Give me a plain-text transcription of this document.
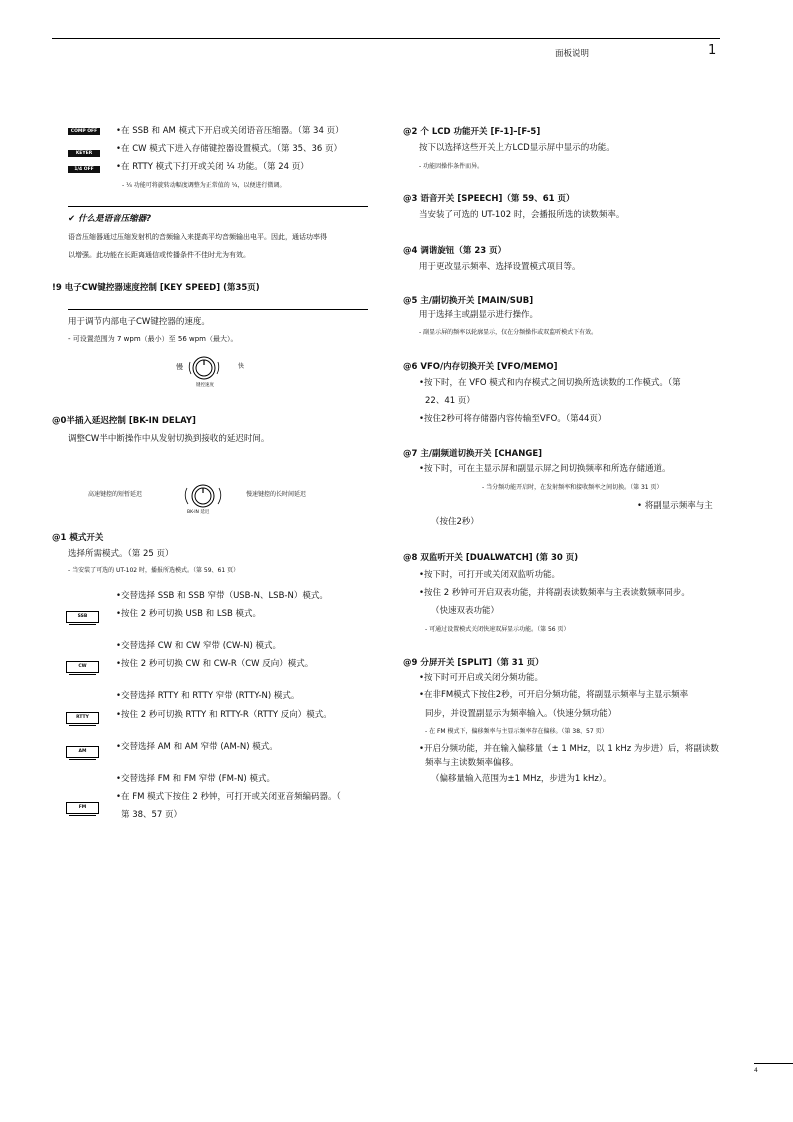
面板说明	1
COMP OFF
KEYER
1/4 OFF
•在 SSB 和 AM 模式下开启或关闭语音压缩器。（第 34 页）
•在 CW 模式下进入存储键控器设置模式。（第 35、36 页）
•在 RTTY 模式下打开或关闭 ¼ 功能。（第 24 页）
- ¼ 功能可将旋转动幅度调整为正常值的 ¼，以便进行微调。
✔ 什么是语音压缩器?
语音压缩器通过压缩发射机的音频输入来提高平均音频输出电平。因此，通话功率得
以增强。此功能在长距离通信或传播条件不佳时尤为有效。
!9 电子CW键控器速度控制 [KEY SPEED] (第35页)
用于调节内部电子CW键控器的速度。
- 可设置范围为 7 wpm（最小）至 56 wpm（最大）。
慢	快
键控速度
@0半插入延迟控制 [BK-IN DELAY]
调整CW半中断操作中从发射切换到接收的延迟时间。
高速键控的短暂延迟	慢速键控的长时间延迟
BK-IN 延迟
@1 模式开关
选择所需模式。（第 25 页）
- 当安装了可选的 UT-102 时，播报所选模式。（第 59、61 页）
SSB
•交替选择 SSB 和 SSB 窄带（USB-N、LSB-N）模式。
•按住 2 秒可切换 USB 和 LSB 模式。
CW
•交替选择 CW 和 CW 窄带 (CW-N) 模式。
•按住 2 秒可切换 CW 和 CW-R（CW 反向）模式。
RTTY
•交替选择 RTTY 和 RTTY 窄带 (RTTY-N) 模式。
•按住 2 秒可切换 RTTY 和 RTTY-R（RTTY 反向）模式。
AM	•交替选择 AM 和 AM 窄带 (AM-N) 模式。
FM
•交替选择 FM 和 FM 窄带 (FM-N) 模式。
•在 FM 模式下按住 2 秒钟，可打开或关闭亚音频编码器。（
第 38、57 页）
@2 个 LCD 功能开关 [F-1]–[F-5]
按下以选择这些开关上方LCD显示屏中显示的功能。
- 功能因操作条件而异。
@3 语音开关 [SPEECH]（第 59、61 页）
当安装了可选的 UT-102 时，会播报所选的读数频率。
@4 调谐旋钮（第 23 页）
用于更改显示频率、选择设置模式项目等。
@5 主/副切换开关 [MAIN/SUB]
用于选择主或副显示进行操作。
- 副显示屏的频率以轮廓显示，仅在分频操作或双监听模式下有效。
@6 VFO/内存切换开关 [VFO/MEMO]
•按下时，在 VFO 模式和内存模式之间切换所选读数的工作模式。（第
22、41 页）
•按住2秒可将存储器内容传输至VFO。（第44页）
@7 主/副频道切换开关 [CHANGE]
•按下时，可在主显示屏和副显示屏之间切换频率和所选存储通道。
- 当分频功能开启时，在发射频率和接收频率之间切换。（第 31 页）
• 将副显示频率与主
（按住2秒）
@8 双监听开关 [DUALWATCH] (第 30 页)
•按下时，可打开或关闭双监听功能。
•按住 2 秒钟可开启双表功能，并将副表读数频率与主表读数频率同步。
（快速双表功能）
- 可通过设置模式关闭快速双屏显示功能。（第 56 页）
@9 分屏开关 [SPLIT]（第 31 页）
•按下时可开启或关闭分频功能。
•在非FM模式下按住2秒，可开启分频功能，将副显示频率与主显示频率
同步，并设置副显示为频率输入。（快速分频功能）
- 在 FM 模式下，偏移频率与主显示频率存在偏移。（第 38、57 页）
•开启分频功能，并在输入偏移量（± 1 MHz，以 1 kHz 为步进）后，将副读数
频率与主读数频率偏移。
（偏移量输入范围为±1 MHz，步进为1 kHz）。
4
